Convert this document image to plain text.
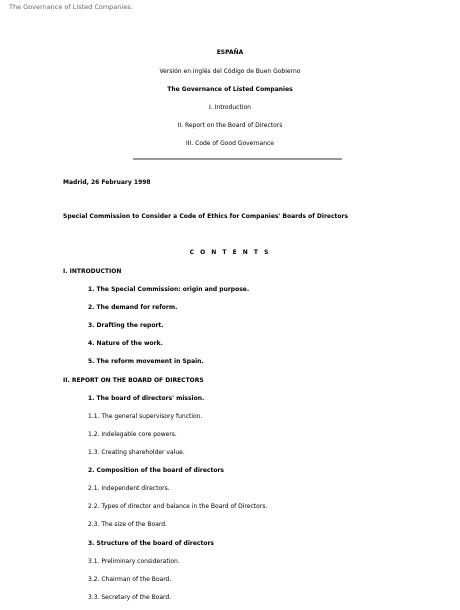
The Governance of Listed Companies.
ESPAÑA
Versión en inglés del Código de Buen Gobierno
The Governance of Listed Companies
I. Introduction
II. Report on the Board of Directors
III. Code of Good Governance
Madrid, 26 February 1998
Special Commission to Consider a Code of Ethics for Companies' Boards of Directors
C O N T E N T S
I. INTRODUCTION
1. The Special Commission: origin and purpose.
2. The demand for reform.
3. Drafting the report.
4. Nature of the work.
5. The reform movement in Spain.
II. REPORT ON THE BOARD OF DIRECTORS
1. The board of directors' mission.
1.1. The general supervisory function.
1.2. Indelegable core powers.
1.3. Creating shareholder value.
2. Composition of the board of directors
2.1. Independent directors.
2.2. Types of director and balance in the Board of Directors.
2.3. The size of the Board.
3. Structure of the board of directors
3.1. Preliminary consideration.
3.2. Chairman of the Board.
3.3. Secretary of the Board.
